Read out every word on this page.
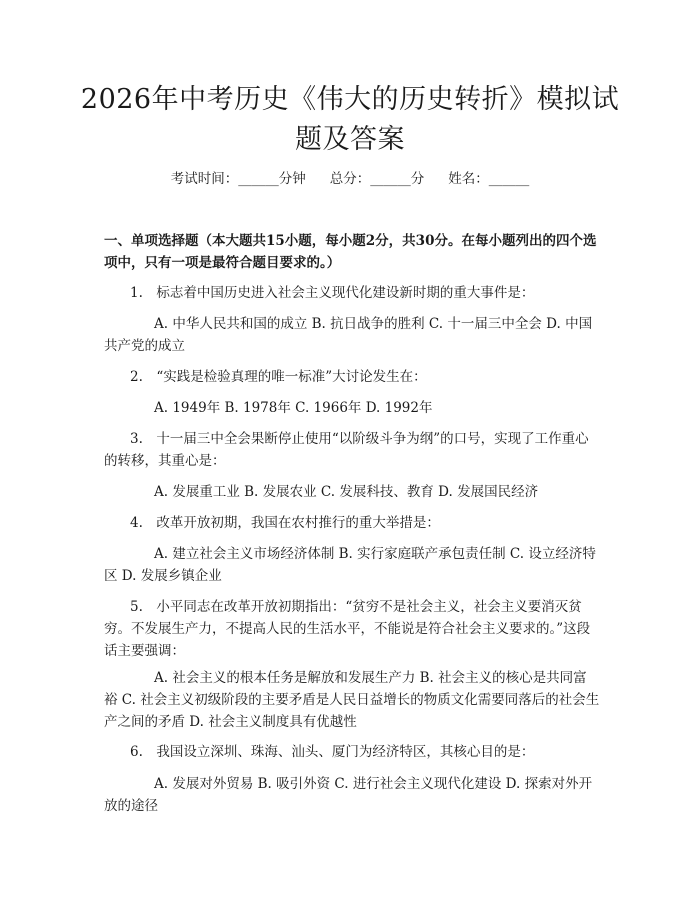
2026年中考历史《伟大的历史转折》模拟试题及答案
考试时间：______分钟 总分：______分 姓名：______
一、单项选择题（本大题共15小题，每小题2分，共30分。在每小题列出的四个选项中，只有一项是最符合题目要求的。）
1.　标志着中国历史进入社会主义现代化建设新时期的重大事件是：
A. 中华人民共和国的成立 B. 抗日战争的胜利 C. 十一届三中全会 D. 中国共产党的成立
2.　“实践是检验真理的唯一标准”大讨论发生在：
A. 1949年 B. 1978年 C. 1966年 D. 1992年
3.　十一届三中全会果断停止使用“以阶级斗争为纲”的口号，实现了工作重心的转移，其重心是：
A. 发展重工业 B. 发展农业 C. 发展科技、教育 D. 发展国民经济
4.　改革开放初期，我国在农村推行的重大举措是：
A. 建立社会主义市场经济体制 B. 实行家庭联产承包责任制 C. 设立经济特区 D. 发展乡镇企业
5.　小平同志在改革开放初期指出：“贫穷不是社会主义，社会主义要消灭贫穷。不发展生产力，不提高人民的生活水平，不能说是符合社会主义要求的。”这段话主要强调：
A. 社会主义的根本任务是解放和发展生产力 B. 社会主义的核心是共同富裕 C. 社会主义初级阶段的主要矛盾是人民日益增长的物质文化需要同落后的社会生产之间的矛盾 D. 社会主义制度具有优越性
6.　我国设立深圳、珠海、汕头、厦门为经济特区，其核心目的是：
A. 发展对外贸易 B. 吸引外资 C. 进行社会主义现代化建设 D. 探索对外开放的途径
